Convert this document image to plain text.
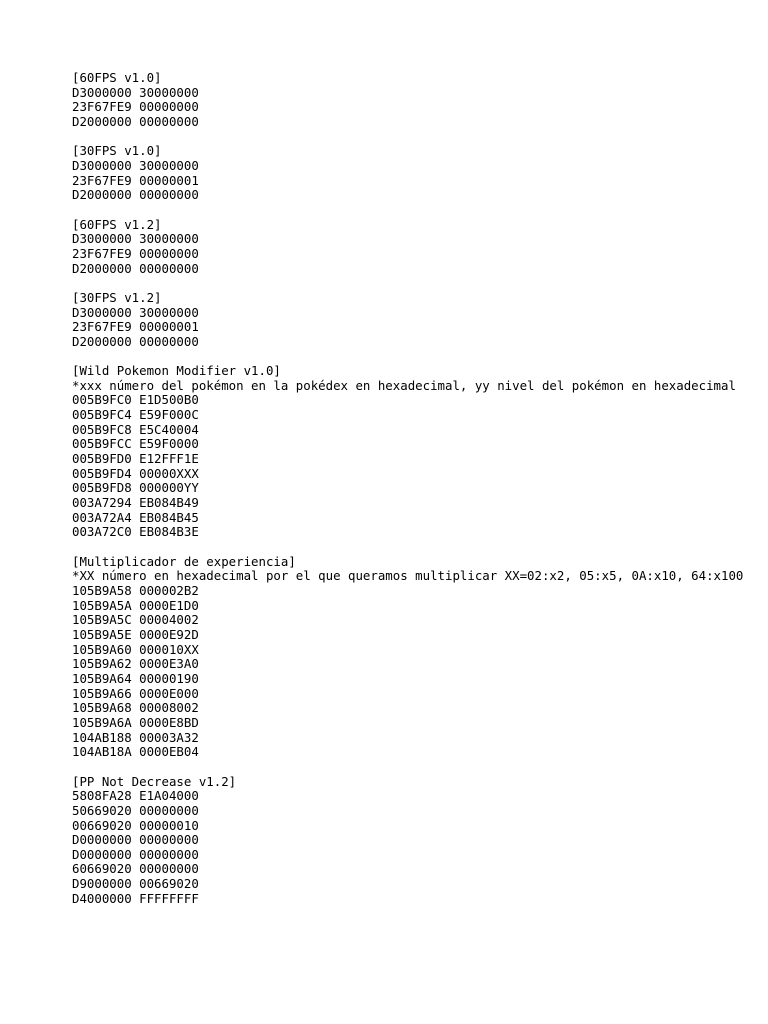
[60FPS v1.0]
D3000000 30000000
23F67FE9 00000000
D2000000 00000000
[30FPS v1.0]
D3000000 30000000
23F67FE9 00000001
D2000000 00000000
[60FPS v1.2]
D3000000 30000000
23F67FE9 00000000
D2000000 00000000
[30FPS v1.2]
D3000000 30000000
23F67FE9 00000001
D2000000 00000000
[Wild Pokemon Modifier v1.0]
*xxx número del pokémon en la pokédex en hexadecimal, yy nivel del pokémon en hexadecimal
005B9FC0 E1D500B0
005B9FC4 E59F000C
005B9FC8 E5C40004
005B9FCC E59F0000
005B9FD0 E12FFF1E
005B9FD4 00000XXX
005B9FD8 000000YY
003A7294 EB084B49
003A72A4 EB084B45
003A72C0 EB084B3E
[Multiplicador de experiencia]
*XX número en hexadecimal por el que queramos multiplicar XX=02:x2, 05:x5, 0A:x10, 64:x100
105B9A58 000002B2
105B9A5A 0000E1D0
105B9A5C 00004002
105B9A5E 0000E92D
105B9A60 000010XX
105B9A62 0000E3A0
105B9A64 00000190
105B9A66 0000E000
105B9A68 00008002
105B9A6A 0000E8BD
104AB188 00003A32
104AB18A 0000EB04
[PP Not Decrease v1.2]
5808FA28 E1A04000
50669020 00000000
00669020 00000010
D0000000 00000000
D0000000 00000000
60669020 00000000
D9000000 00669020
D4000000 FFFFFFFF
